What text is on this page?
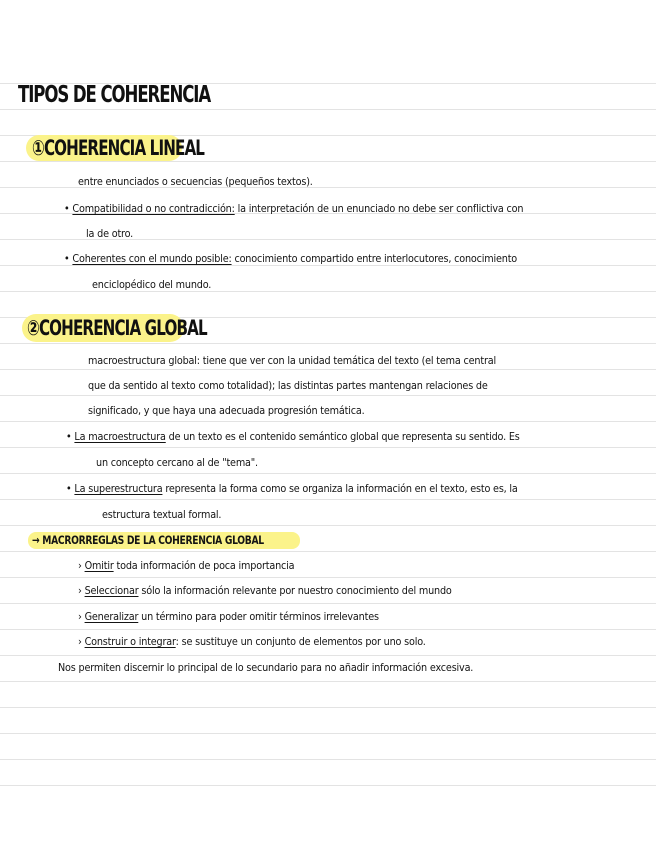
TIPOS DE COHERENCIA
①COHERENCIA LINEAL
entre enunciados o secuencias (pequeños textos).
• Compatibilidad o no contradicción: la interpretación de un enunciado no debe ser conflictiva con
la de otro.
• Coherentes con el mundo posible: conocimiento compartido entre interlocutores, conocimiento
enciclopédico del mundo.
②COHERENCIA GLOBAL
macroestructura global: tiene que ver con la unidad temática del texto (el tema central
que da sentido al texto como totalidad); las distintas partes mantengan relaciones de
significado, y que haya una adecuada progresión temática.
• La macroestructura de un texto es el contenido semántico global que representa su sentido. Es
un concepto cercano al de "tema".
• La superestructura representa la forma como se organiza la información en el texto, esto es, la
estructura textual formal.
→ MACRORREGLAS DE LA COHERENCIA GLOBAL
› Omitir toda información de poca importancia
› Seleccionar sólo la información relevante por nuestro conocimiento del mundo
› Generalizar un término para poder omitir términos irrelevantes
› Construir o integrar: se sustituye un conjunto de elementos por uno solo.
Nos permiten discernir lo principal de lo secundario para no añadir información excesiva.
